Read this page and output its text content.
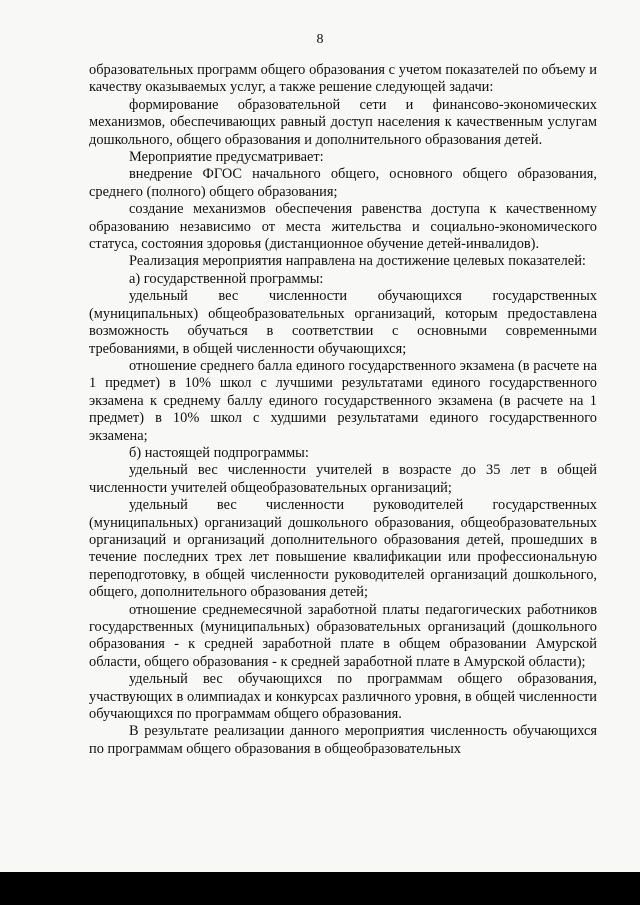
8

образовательных программ общего образования с учетом показателей по объему и качеству оказываемых услуг, а также решение следующей задачи:

формирование образовательной сети и финансово-экономических механизмов, обеспечивающих равный доступ населения к качественным услугам дошкольного, общего образования и дополнительного образования детей.

Мероприятие предусматривает:

внедрение ФГОС начального общего, основного общего образования, среднего (полного) общего образования;

создание механизмов обеспечения равенства доступа к качественному образованию независимо от места жительства и социально-экономического статуса, состояния здоровья (дистанционное обучение детей-инвалидов).

Реализация мероприятия направлена на достижение целевых показателей:

а) государственной программы:

удельный вес численности обучающихся государственных (муниципальных) общеобразовательных организаций, которым предоставлена возможность обучаться в соответствии с основными современными требованиями, в общей численности обучающихся;

отношение среднего балла единого государственного экзамена (в расчете на 1 предмет) в 10% школ с лучшими результатами единого государственного экзамена к среднему баллу единого государственного экзамена (в расчете на 1 предмет) в 10% школ с худшими результатами единого государственного экзамена;

б) настоящей подпрограммы:

удельный вес численности учителей в возрасте до 35 лет в общей численности учителей общеобразовательных организаций;

удельный вес численности руководителей государственных (муниципальных) организаций дошкольного образования, общеобразовательных организаций и организаций дополнительного образования детей, прошедших в течение последних трех лет повышение квалификации или профессиональную переподготовку, в общей численности руководителей организаций дошкольного, общего, дополнительного образования детей;

отношение среднемесячной заработной платы педагогических работников государственных (муниципальных) образовательных организаций (дошкольного образования - к средней заработной плате в общем образовании Амурской области, общего образования - к средней заработной плате в Амурской области);

удельный вес обучающихся по программам общего образования, участвующих в олимпиадах и конкурсах различного уровня, в общей численности обучающихся по программам общего образования.

В результате реализации данного мероприятия численность обучающихся по программам общего образования в общеобразовательных
